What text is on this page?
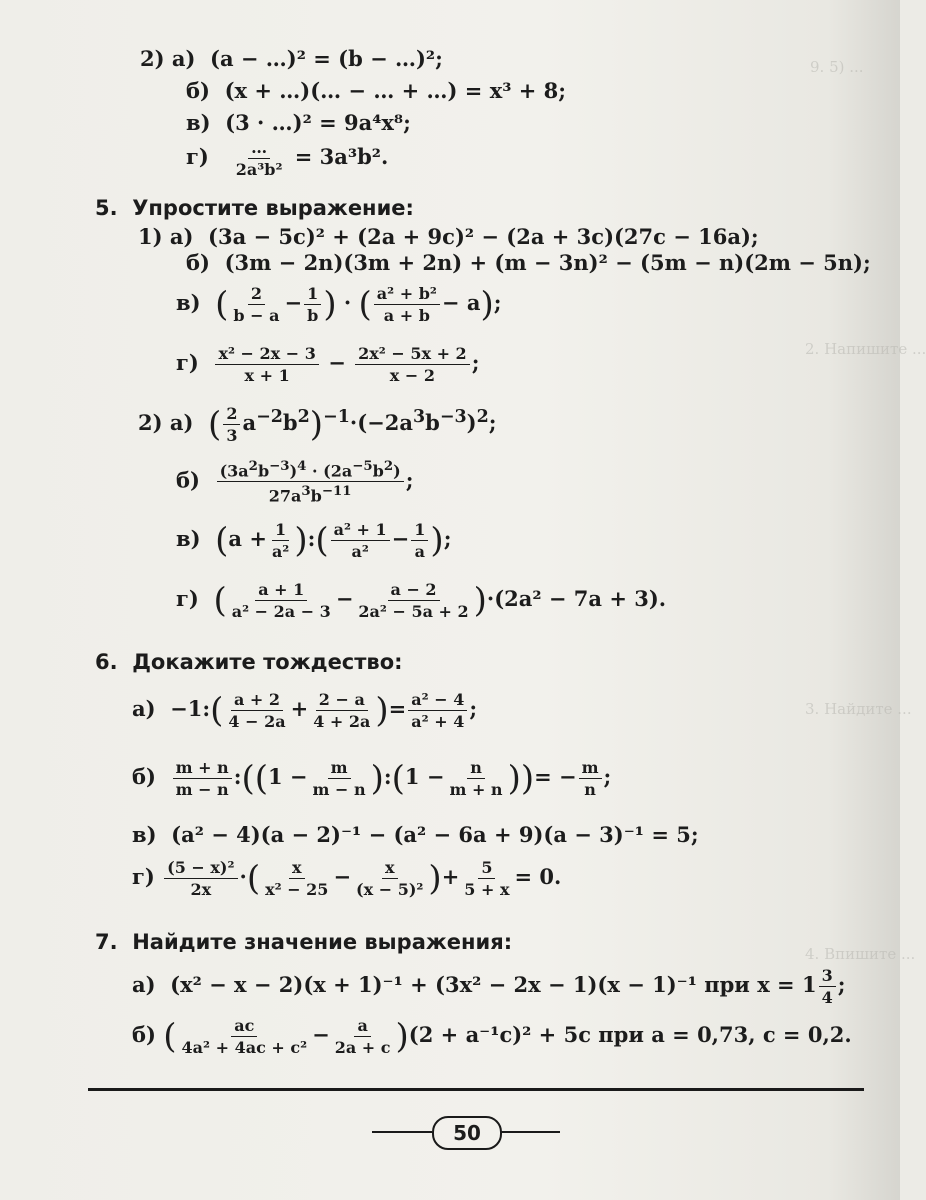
9. 5) ...
2. Напишите ...
3. Найдите ...
4. Впишите ...
2) а) (a − …)² = (b − …)²;
б) (x + …)(… − … + …) = x³ + 8;
в) (3 · …)² = 9a⁴x⁸;
$г) \frac{\dots}{\text{2a³b²}} = 3a^3b^2$.
5. Упростите выражение:
1) а) (3a − 5c)² + (2a + 9c)² − (2a + 3c)(27c − 16a);
б) (3m − 2n)(3m + 2n) + (m − 3n)² − (5m − n)(2m − 5n);
в) ( $\frac{2}{b - a} - \frac{1}{b}$ ) · ( $\frac{\text{a² + b²}}{a + b} - a$);
$г) \frac{\text{x² − 2x − 3}}{x + 1} - \frac{\text{2x² − 5x + 2}}{x - 2}$ ;
2) а) ( $\frac{2}{3} a^{-2}b^2)^{-1}\cdot(-2a^3b^{-3})^2$;
$б) \frac{(3a^2b^{-3})^4 \cdot (2a^{-5}b^2)}{27a^3b^{-11}}$ ;
в) ($a + \frac{1}{\text{a²}}$ ):( $\frac{\text{a² + 1}}{\text{a²}} - \frac{1}{a}$ );
г) ( $\frac{a + 1}{\text{a² − 2a − 3}} - \frac{a - 2}{\text{2a² − 5a + 2}} )\cdot(2a^2 - 7a + 3)$.
6. Докажите тождество:
а)  −1:( $\frac{a + 2}{4 - 2a} + \frac{2 - a}{4 + 2a}$ )= $\frac{\text{a² − 4}}{\text{a² + 4}}$ ;
$б) \frac{m + n}{m - n}$ :((1 − $\frac{m}{m - n}$ ):(1 − $\frac{n}{m + n}$ ))= − $\frac{m}{n}$ ;
в) (a² − 4)(a − 2)⁻¹ − (a² − 6a + 9)(a − 3)⁻¹ = 5;
$г) \frac{\text{(5 − x)²}}{2x}$ ·( $\frac{x}{\text{x² − 25}} - \frac{x}{\text{(x − 5)²}}$ )+ $\frac{5}{5 + x} = 0$.
7. Найдите значение выражения:
а) (x² − x − 2)(x + 1)⁻¹ + (3x² − 2x − 1)(x − 1)⁻¹ при $x = 1 \frac{3}{4}$ ;
б) ( $\frac{ac}{\text{4a² + 4ac + c²}} - \frac{a}{2a + c} )(2 + a^{-1}c)^2 + 5c$ при a = 0,73, c = 0,2.
50
